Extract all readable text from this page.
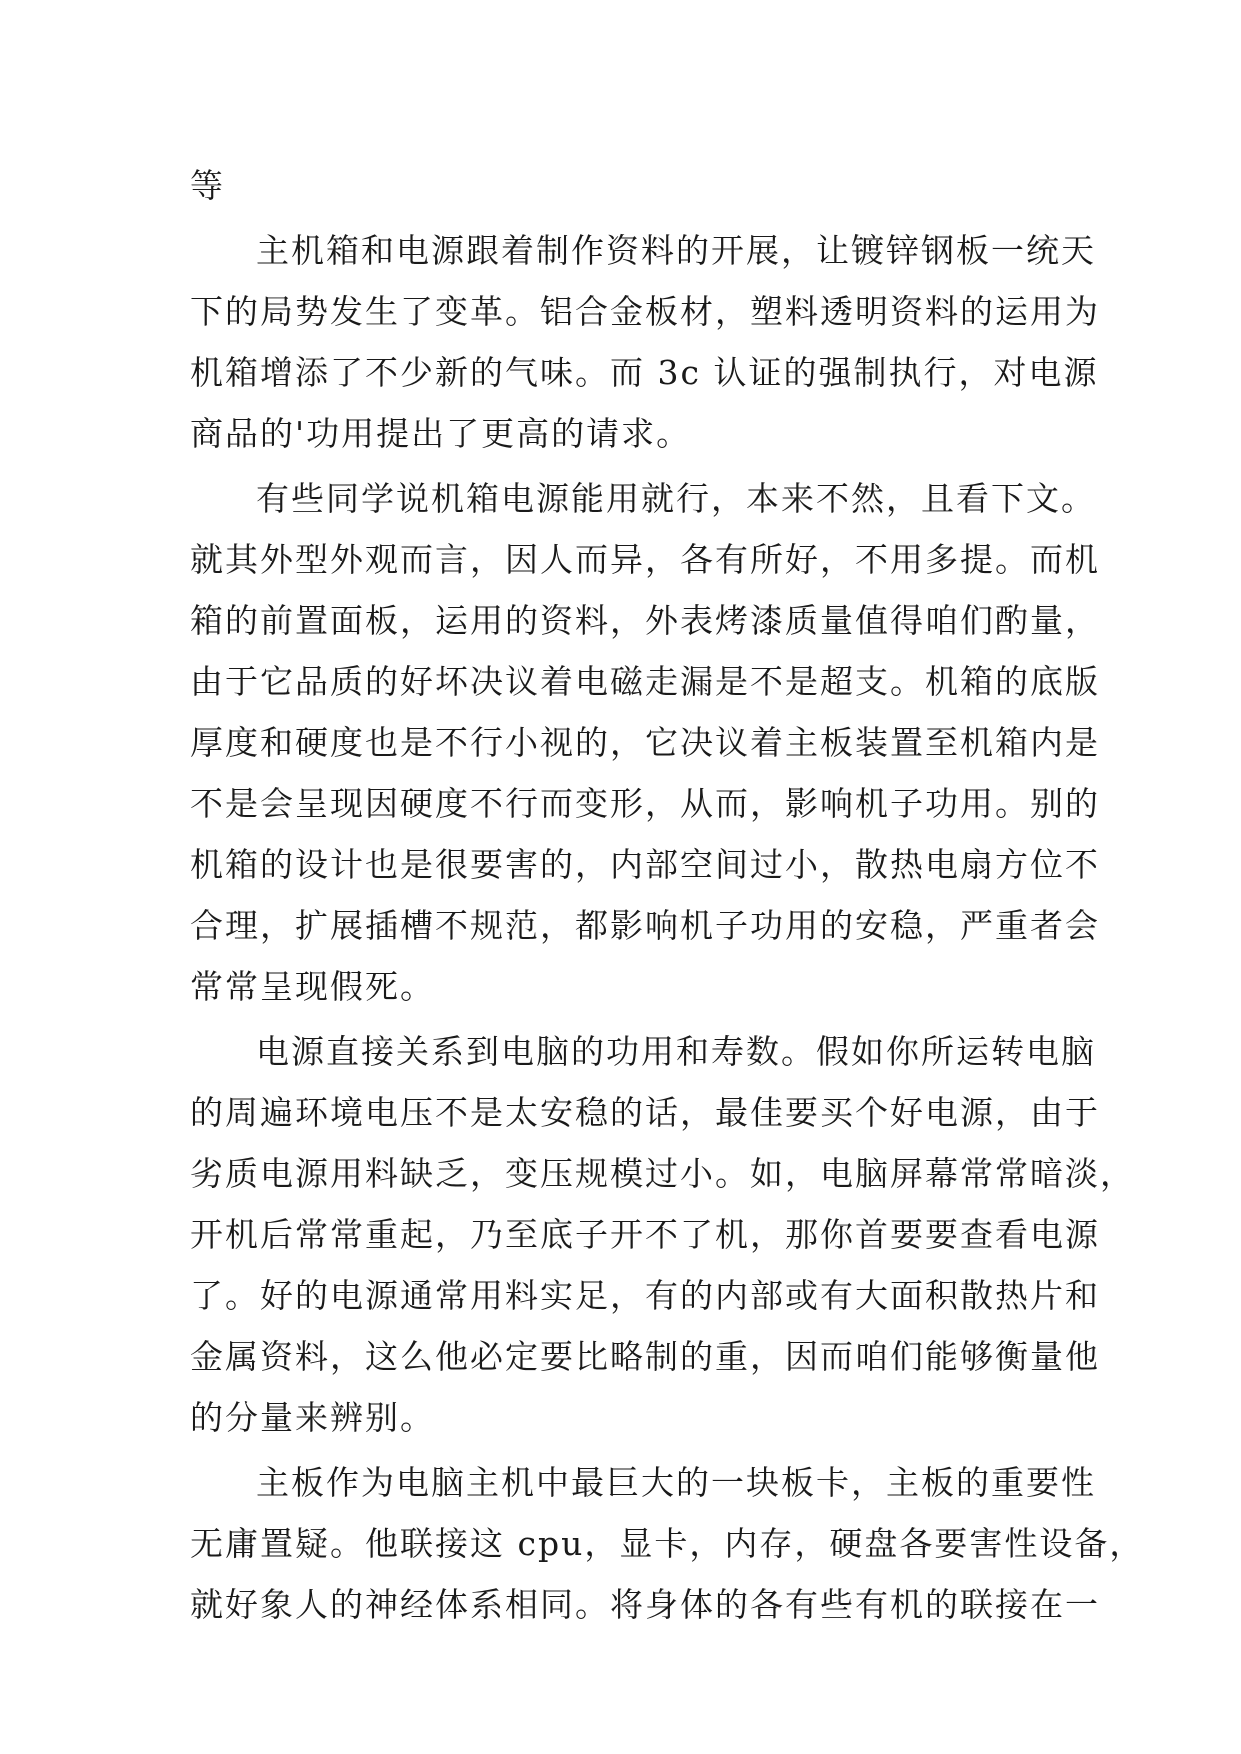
等
主机箱和电源跟着制作资料的开展，让镀锌钢板一统天
下的局势发生了变革。铝合金板材，塑料透明资料的运用为
机箱增添了不少新的气味。而 3c 认证的强制执行，对电源
商品的'功用提出了更高的请求。
有些同学说机箱电源能用就行，本来不然，且看下文。
就其外型外观而言，因人而异，各有所好，不用多提。而机
箱的前置面板，运用的资料，外表烤漆质量值得咱们酌量，
由于它品质的好坏决议着电磁走漏是不是超支。机箱的底版
厚度和硬度也是不行小视的，它决议着主板装置至机箱内是
不是会呈现因硬度不行而变形，从而，影响机子功用。别的
机箱的设计也是很要害的，内部空间过小，散热电扇方位不
合理，扩展插槽不规范，都影响机子功用的安稳，严重者会
常常呈现假死。
电源直接关系到电脑的功用和寿数。假如你所运转电脑
的周遍环境电压不是太安稳的话，最佳要买个好电源，由于
劣质电源用料缺乏，变压规模过小。如，电脑屏幕常常暗淡，
开机后常常重起，乃至底子开不了机，那你首要要查看电源
了。好的电源通常用料实足，有的内部或有大面积散热片和
金属资料，这么他必定要比略制的重，因而咱们能够衡量他
的分量来辨别。
主板作为电脑主机中最巨大的一块板卡，主板的重要性
无庸置疑。他联接这 cpu，显卡，内存，硬盘各要害性设备，
就好象人的神经体系相同。将身体的各有些有机的联接在一
